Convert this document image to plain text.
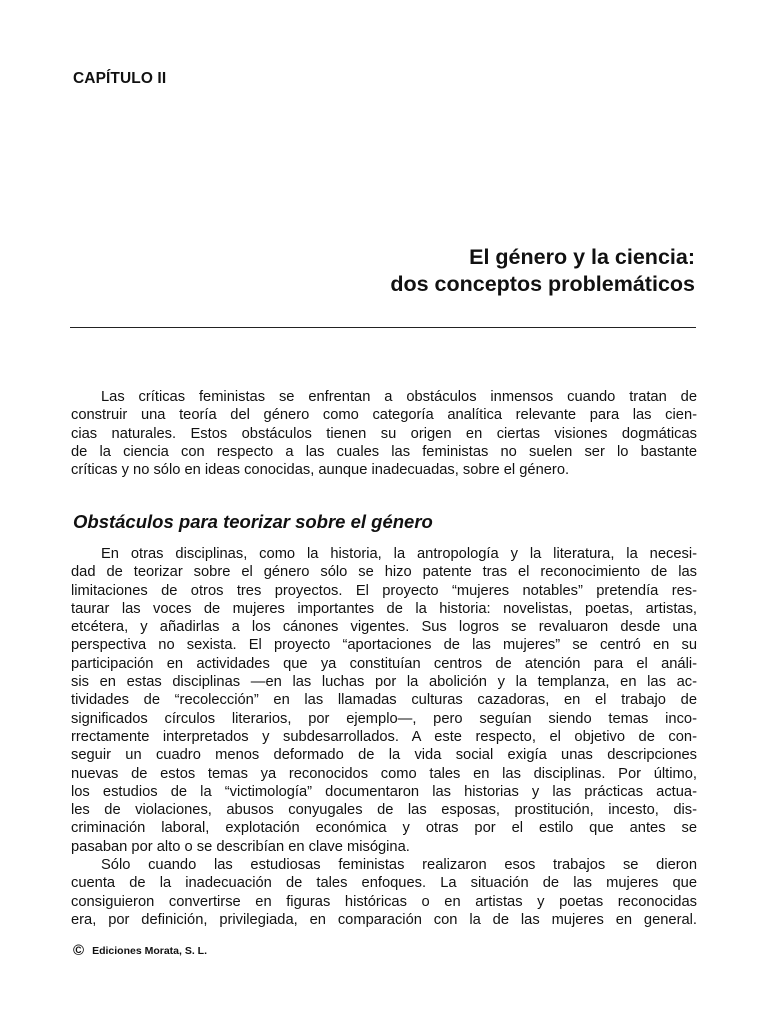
CAPÍTULO II
El género y la ciencia:
dos conceptos problemáticos
Las críticas feministas se enfrentan a obstáculos inmensos cuando tratan de
construir una teoría del género como categoría analítica relevante para las cien-
cias naturales. Estos obstáculos tienen su origen en ciertas visiones dogmáticas
de la ciencia con respecto a las cuales las feministas no suelen ser lo bastante
críticas y no sólo en ideas conocidas, aunque inadecuadas, sobre el género.
Obstáculos para teorizar sobre el género
En otras disciplinas, como la historia, la antropología y la literatura, la necesi-
dad de teorizar sobre el género sólo se hizo patente tras el reconocimiento de las
limitaciones de otros tres proyectos. El proyecto “mujeres notables” pretendía res-
taurar las voces de mujeres importantes de la historia: novelistas, poetas, artistas,
etcétera, y añadirlas a los cánones vigentes. Sus logros se revaluaron desde una
perspectiva no sexista. El proyecto “aportaciones de las mujeres” se centró en su
participación en actividades que ya constituían centros de atención para el análi-
sis en estas disciplinas —en las luchas por la abolición y la templanza, en las ac-
tividades de “recolección” en las llamadas culturas cazadoras, en el trabajo de
significados círculos literarios, por ejemplo—, pero seguían siendo temas inco-
rrectamente interpretados y subdesarrollados. A este respecto, el objetivo de con-
seguir un cuadro menos deformado de la vida social exigía unas descripciones
nuevas de estos temas ya reconocidos como tales en las disciplinas. Por último,
los estudios de la “victimología” documentaron las historias y las prácticas actua-
les de violaciones, abusos conyugales de las esposas, prostitución, incesto, dis-
criminación laboral, explotación económica y otras por el estilo que antes se
pasaban por alto o se describían en clave misógina.
Sólo cuando las estudiosas feministas realizaron esos trabajos se dieron
cuenta de la inadecuación de tales enfoques. La situación de las mujeres que
consiguieron convertirse en figuras históricas o en artistas y poetas reconocidas
era, por definición, privilegiada, en comparación con la de las mujeres en general.
© Ediciones Morata, S. L.
